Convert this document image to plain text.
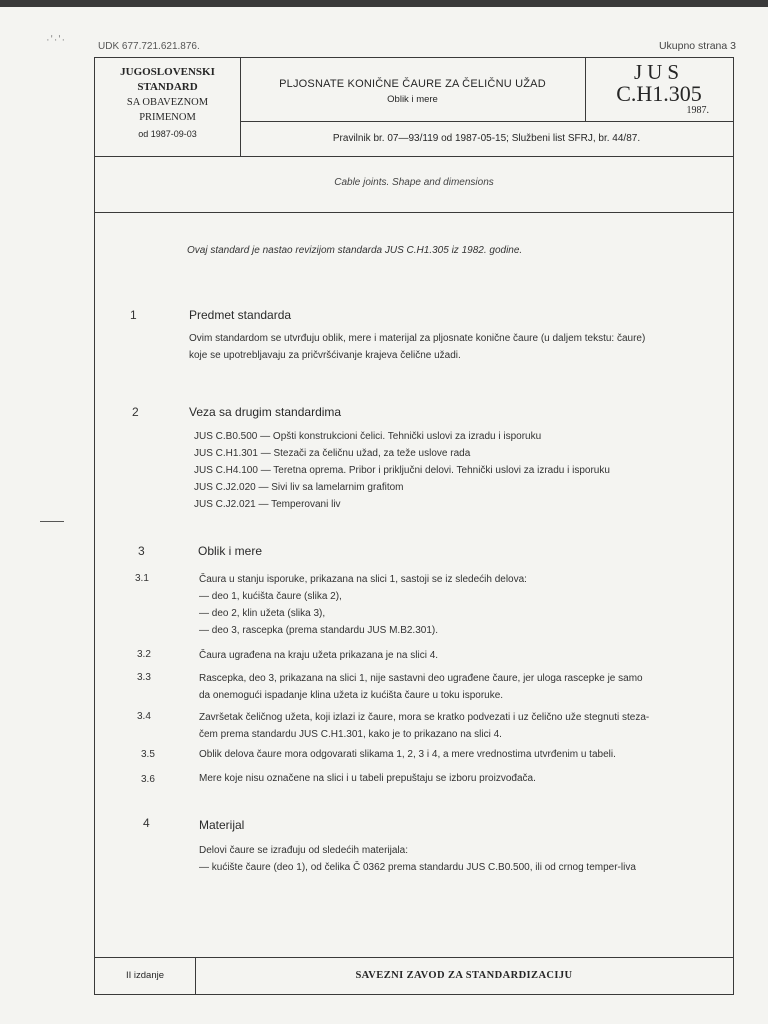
·ʹ·ʹ·
UDK 677.721.621.876.	Ukupno strana 3
JUGOSLOVENSKI
STANDARD
SA OBAVEZNOM
PRIMENOM
od 1987-09-03
PLJOSNATE KONIČNE ČAURE ZA ČELIČNU UŽAD
Oblik i mere
JUS
C.H1.305
1987.
Pravilnik br. 07—93/119 od 1987-05-15; Službeni list SFRJ, br. 44/87.
Cable joints. Shape and dimensions
Ovaj standard je nastao revizijom standarda JUS C.H1.305 iz 1982. godine.
1	Predmet standarda
Ovim standardom se utvrđuju oblik, mere i materijal za pljosnate konične čaure (u daljem tekstu: čaure)
koje se upotrebljavaju za pričvršćivanje krajeva čelične užadi.
2	Veza sa drugim standardima
JUS C.B0.500 — Opšti konstrukcioni čelici. Tehnički uslovi za izradu i isporuku
JUS C.H1.301 — Stezači za čeličnu užad, za teže uslove rada
JUS C.H4.100 — Teretna oprema. Pribor i priključni delovi. Tehnički uslovi za izradu i isporuku
JUS C.J2.020 — Sivi liv sa lamelarnim grafitom
JUS C.J2.021 — Temperovani liv
3	Oblik i mere
3.1	Čaura u stanju isporuke, prikazana na slici 1, sastoji se iz sledećih delova:
— deo 1, kućišta čaure (slika 2),
— deo 2, klin užeta (slika 3),
— deo 3, rascepka (prema standardu JUS M.B2.301).
3.2	Čaura ugrađena na kraju užeta prikazana je na slici 4.
3.3	Rascepka, deo 3, prikazana na slici 1, nije sastavni deo ugrađene čaure, jer uloga rascepke je samo
da onemogući ispadanje klina užeta iz kućišta čaure u toku isporuke.
3.4	Završetak čeličnog užeta, koji izlazi iz čaure, mora se kratko podvezati i uz čelično uže stegnuti steza-
čem prema standardu JUS C.H1.301, kako je to prikazano na slici 4.
3.5	Oblik delova čaure mora odgovarati slikama 1, 2, 3 i 4, a mere vrednostima utvrđenim u tabeli.
3.6	Mere koje nisu označene na slici i u tabeli prepuštaju se izboru proizvođača.
4	Materijal
Delovi čaure se izrađuju od sledećih materijala:
— kućište čaure (deo 1), od čelika Č 0362 prema standardu JUS C.B0.500, ili od crnog temper-liva
II izdanje	SAVEZNI ZAVOD ZA STANDARDIZACIJU
